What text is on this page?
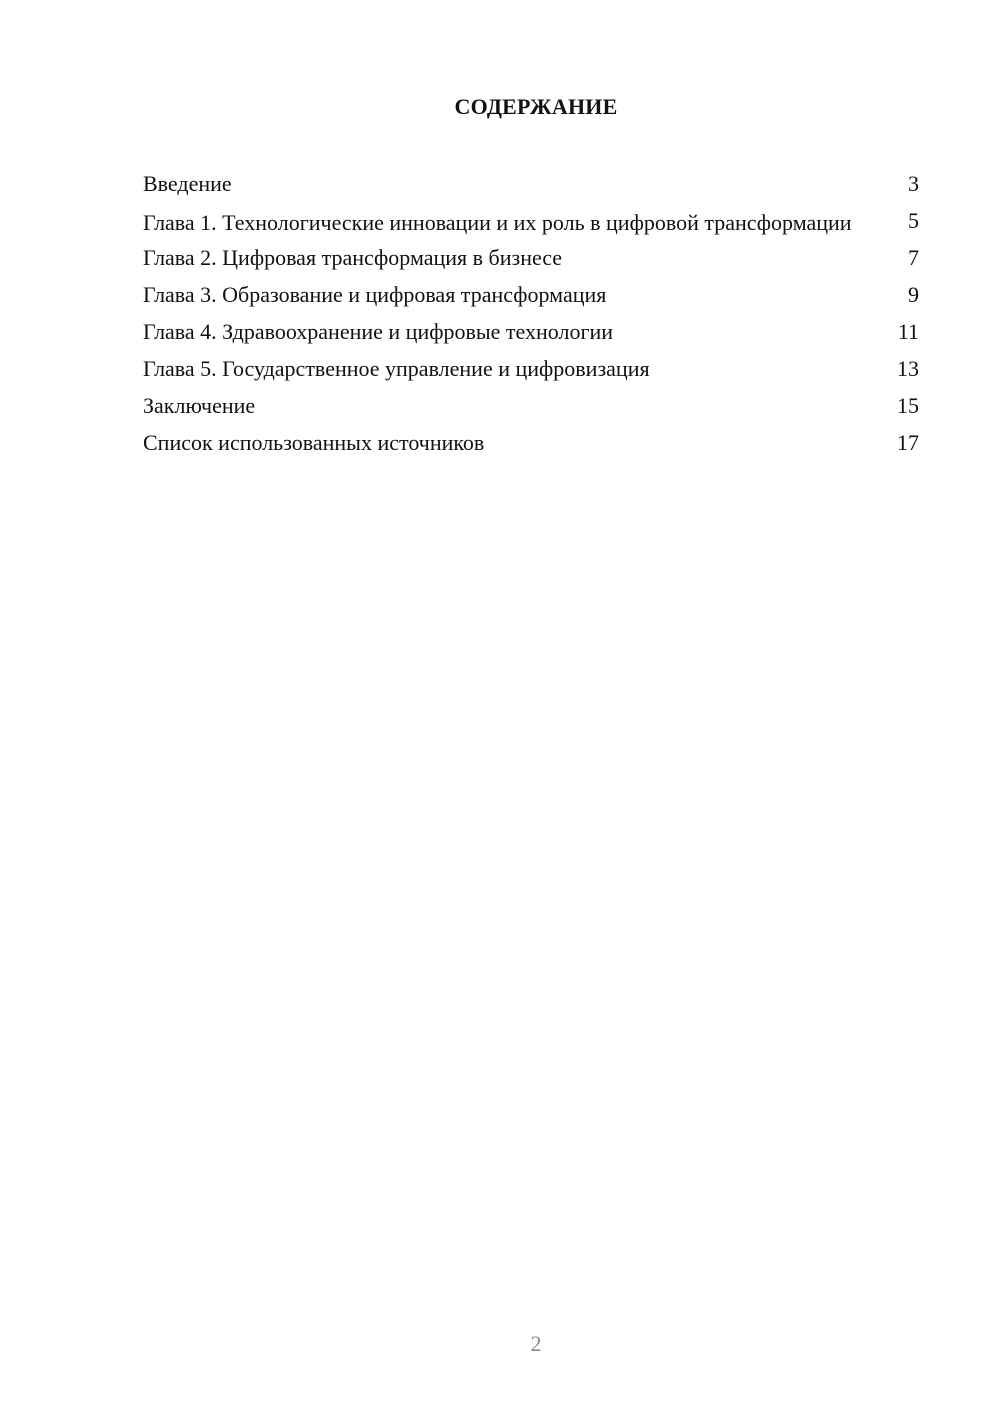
СОДЕРЖАНИЕ
Введение	3
Глава 1. Технологические инновации и их роль в цифровой трансформации	5
Глава 2. Цифровая трансформация в бизнесе	7
Глава 3. Образование и цифровая трансформация	9
Глава 4. Здравоохранение и цифровые технологии	11
Глава 5. Государственное управление и цифровизация	13
Заключение	15
Список использованных источников	17
2
